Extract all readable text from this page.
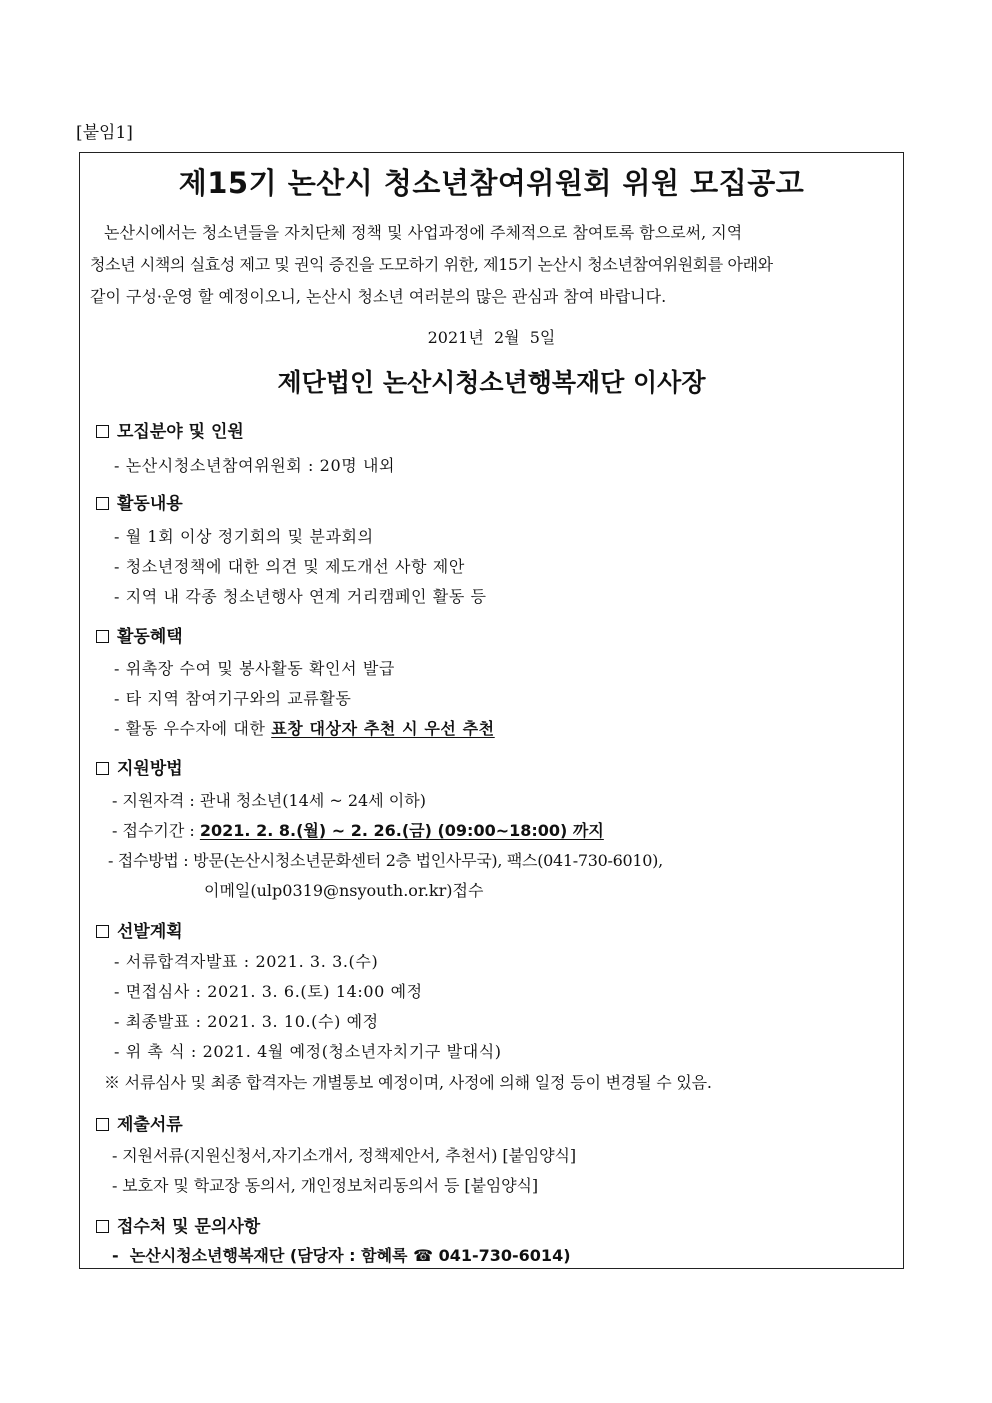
[붙임1]
제15기 논산시 청소년참여위원회 위원 모집공고

논산시에서는 청소년들을 자치단체 정책 및 사업과정에 주체적으로 참여토록 함으로써, 지역

청소년 시책의 실효성 제고 및 권익 증진을 도모하기 위한, 제15기 논산시 청소년참여위원회를 아래와

같이 구성·운영 할 예정이오니, 논산시 청소년 여러분의 많은 관심과 참여 바랍니다.

2021년  2월  5일
제단법인 논산시청소년행복재단 이사장
모집분야 및 인원
- 논산시청소년참여위원회 : 20명 내외
활동내용
- 월 1회 이상 정기회의 및 분과회의
- 청소년정책에 대한 의견 및 제도개선 사항 제안
- 지역 내 각종 청소년행사 연계 거리캠페인 활동 등
활동혜택
- 위촉장 수여 및 봉사활동 확인서 발급
- 타 지역 참여기구와의 교류활동
- 활동 우수자에 대한 표창 대상자 추천 시 우선 추천
지원방법
- 지원자격 : 관내 청소년(14세 ~ 24세 이하)
- 접수기간 : 2021. 2. 8.(월) ~ 2. 26.(금) (09:00~18:00) 까지
- 접수방법 : 방문(논산시청소년문화센터 2층 법인사무국), 팩스(041-730-6010),
이메일(ulp0319@nsyouth.or.kr)접수
선발계획
- 서류합격자발표 : 2021. 3. 3.(수)
- 면접심사 : 2021. 3. 6.(토) 14:00 예정
- 최종발표 : 2021. 3. 10.(수) 예정
- 위 촉 식 : 2021. 4월 예정(청소년자치기구 발대식)
※ 서류심사 및 최종 합격자는 개별통보 예정이며, 사정에 의해 일정 등이 변경될 수 있음.
제출서류
- 지원서류(지원신청서,자기소개서, 정책제안서, 추천서) [붙임양식]
- 보호자 및 학교장 동의서, 개인정보처리동의서 등 [붙임양식]
접수처 및 문의사항
-  논산시청소년행복재단 (담당자 : 함혜록 ☎ 041-730-6014)
